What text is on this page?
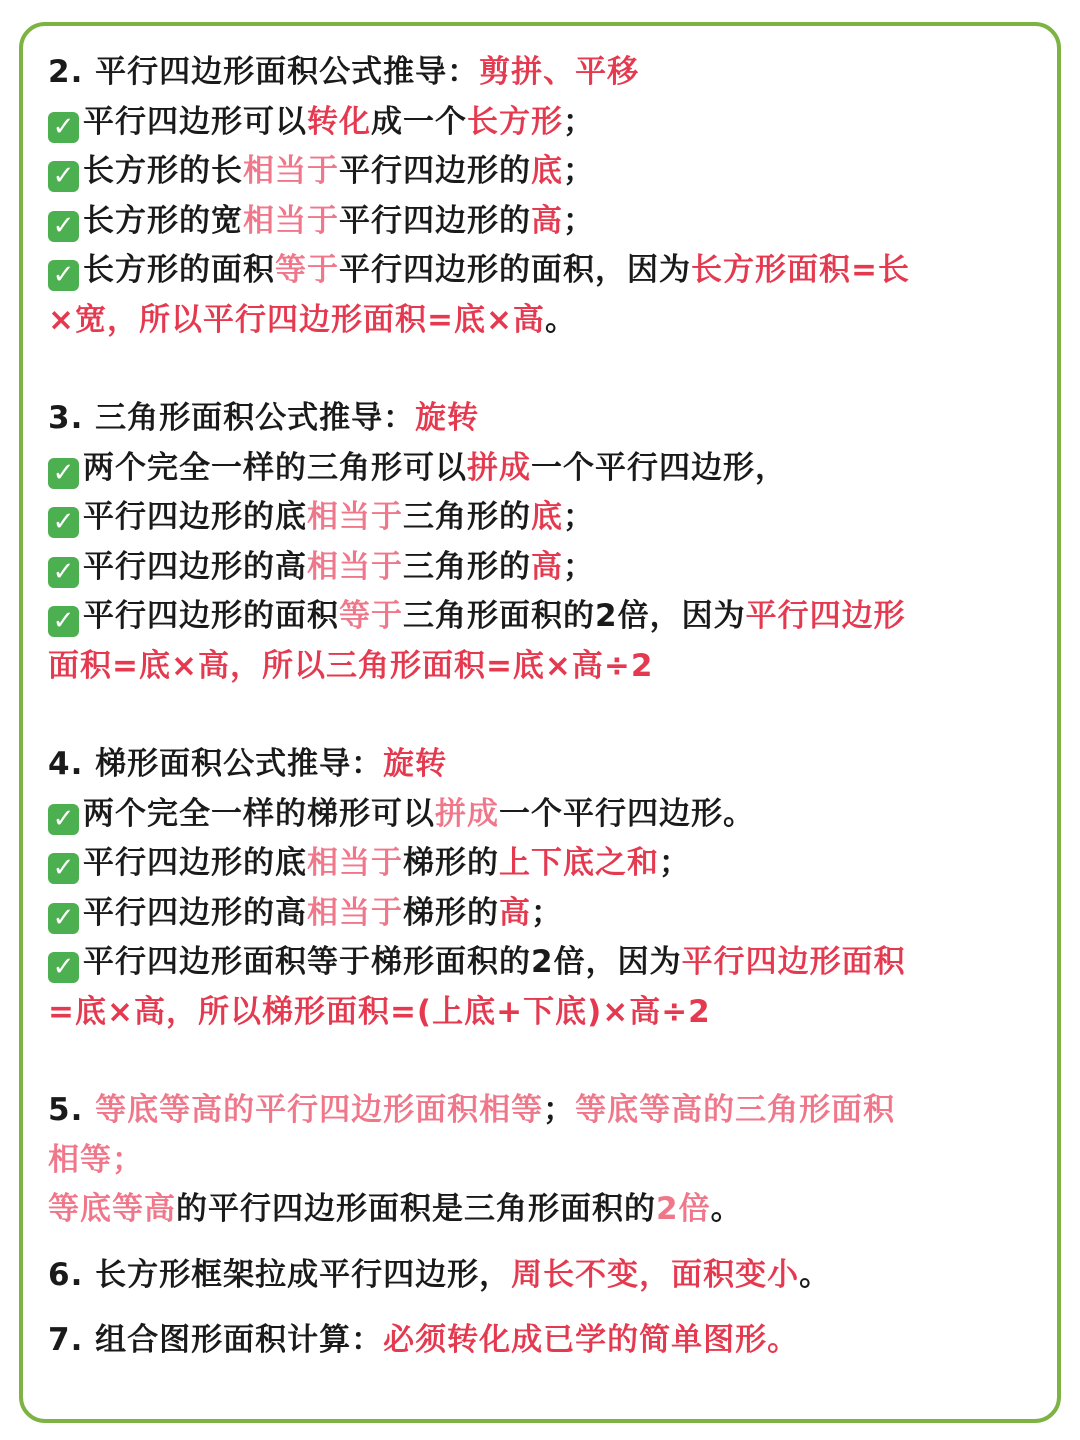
2. 平行四边形面积公式推导：剪拼、平移
✓ 平行四边形可以转化成一个长方形；
✓ 长方形的长相当于平行四边形的底；
✓ 长方形的宽相当于平行四边形的高；
✓ 长方形的面积等于平行四边形的面积，因为长方形面积=长
×宽，所以平行四边形面积=底×高。
3. 三角形面积公式推导：旋转
✓ 两个完全一样的三角形可以拼成一个平行四边形，
✓ 平行四边形的底相当于三角形的底；
✓ 平行四边形的高相当于三角形的高；
✓ 平行四边形的面积等于三角形面积的2倍，因为平行四边形
面积=底×高，所以三角形面积=底×高÷2
4. 梯形面积公式推导：旋转
✓ 两个完全一样的梯形可以拼成一个平行四边形。
✓ 平行四边形的底相当于梯形的上下底之和；
✓ 平行四边形的高相当于梯形的高；
✓ 平行四边形面积等于梯形面积的2倍，因为平行四边形面积
=底×高，所以梯形面积=(上底+下底)×高÷2
5. 等底等高的平行四边形面积相等；等底等高的三角形面积
相等；
等底等高的平行四边形面积是三角形面积的2倍。
6. 长方形框架拉成平行四边形，周长不变，面积变小。
7. 组合图形面积计算：必须转化成已学的简单图形。
